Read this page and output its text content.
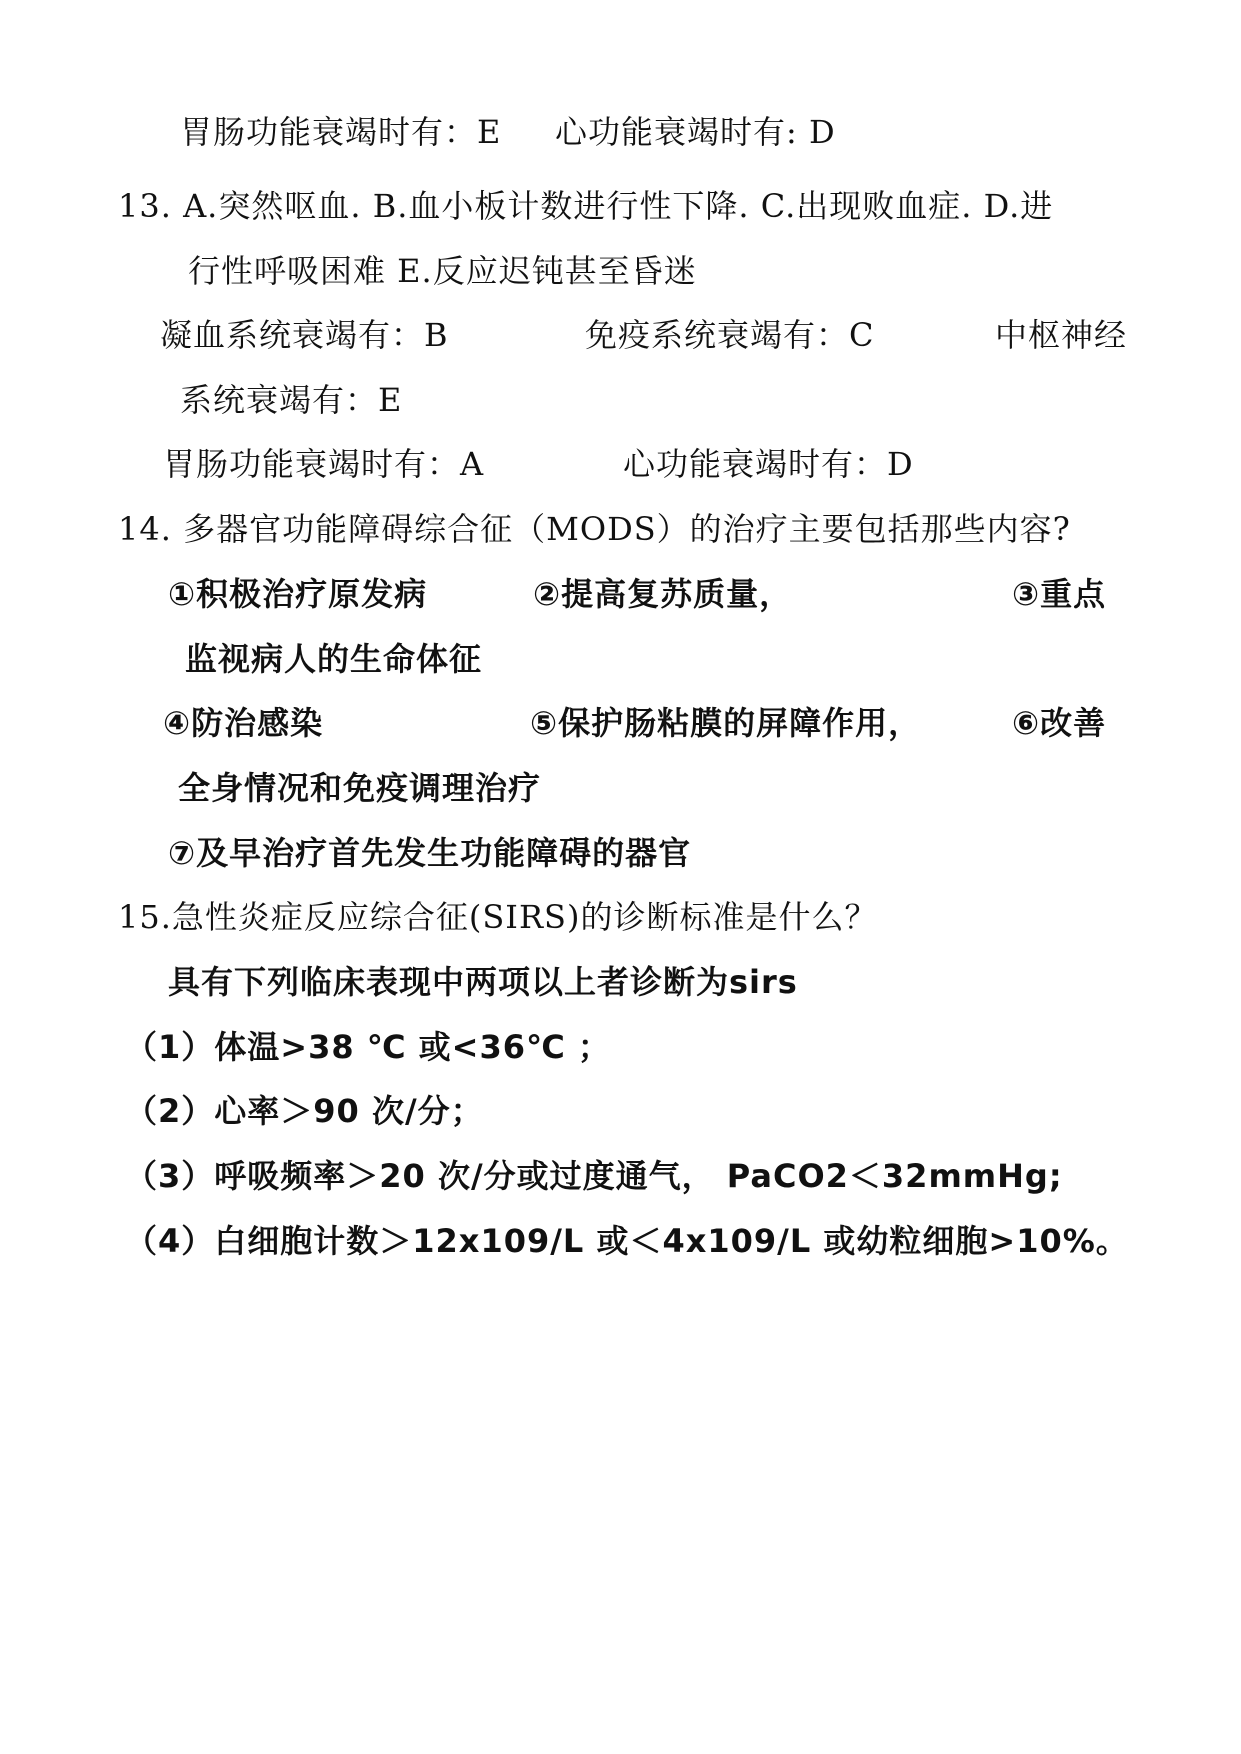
胃肠功能衰竭时有：E 心功能衰竭时有: D
13. A.突然呕血. B.血小板计数进行性下降. C.出现败血症. D.进
行性呼吸困难 E.反应迟钝甚至昏迷
凝血系统衰竭有：B	免疫系统衰竭有：C	中枢神经
系统衰竭有：E
胃肠功能衰竭时有：A	心功能衰竭时有：D
14. 多器官功能障碍综合征（MODS）的治疗主要包括那些内容?
①积极治疗原发病	②提高复苏质量，	③重点
监视病人的生命体征
④防治感染	⑤保护肠粘膜的屏障作用，	⑥改善
全身情况和免疫调理治疗
⑦及早治疗首先发生功能障碍的器官
15.急性炎症反应综合征(SIRS)的诊断标准是什么？
具有下列临床表现中两项以上者诊断为sirs
（1）体温>38 ℃ 或<36℃ ；
（2）心率＞90 次/分；
（3）呼吸频率＞20 次/分或过度通气， PaCO2＜32mmHg;
（4）白细胞计数＞12x109/L 或＜4x109/L 或幼粒细胞>10%。
